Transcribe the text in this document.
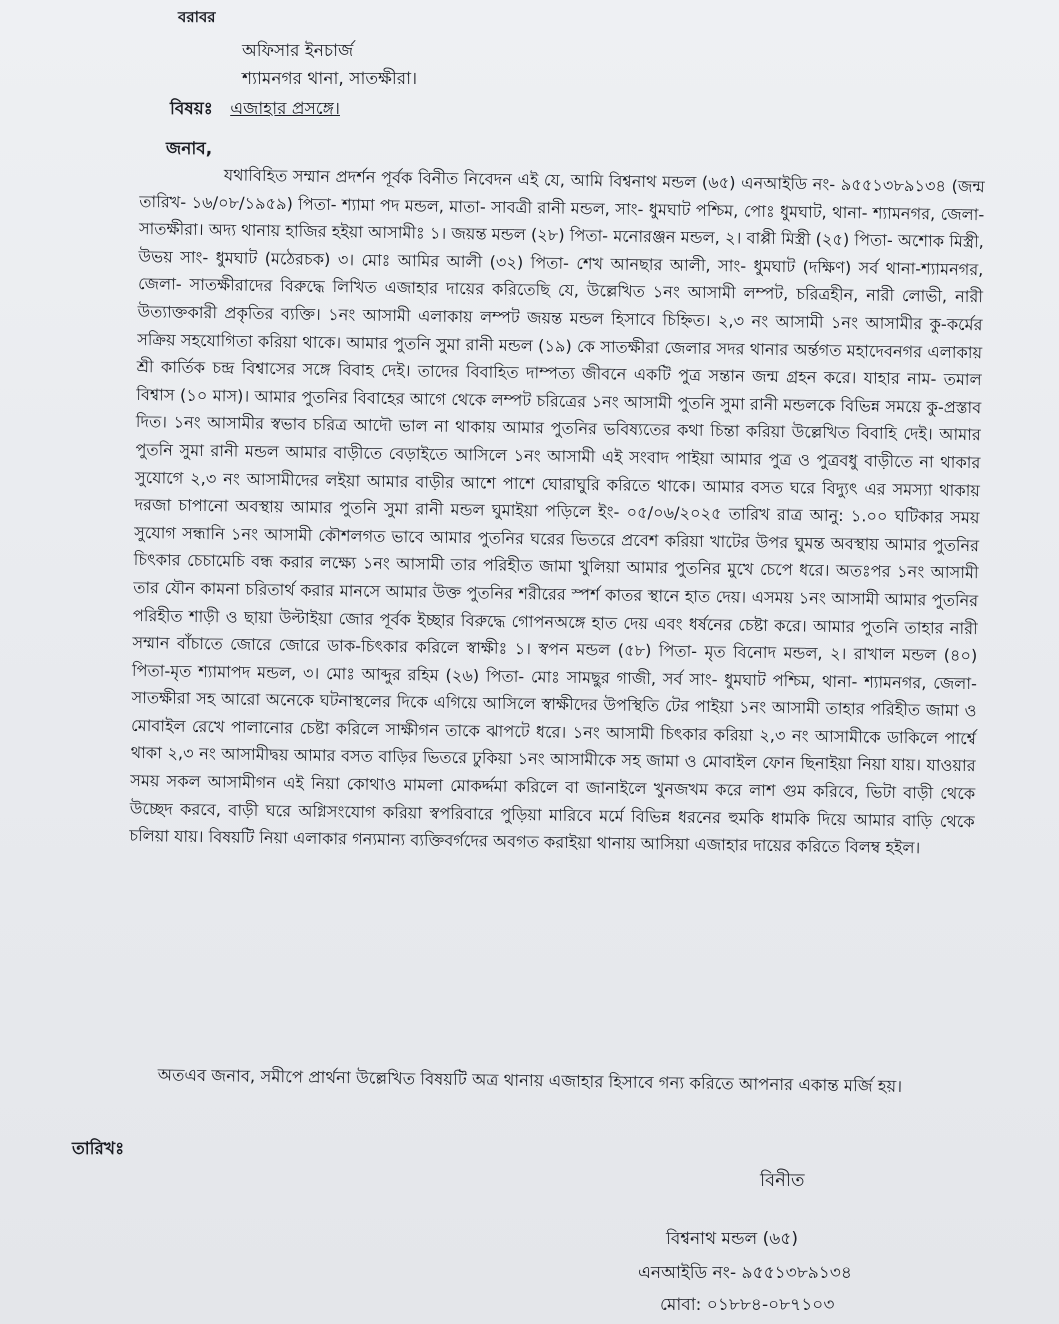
বরাবর
অফিসার ইনচার্জ
শ্যামনগর থানা, সাতক্ষীরা।
বিষয়ঃ এজাহার প্রসঙ্গে।
জনাব,

যথাবিহিত সম্মান প্রদর্শন পূর্বক বিনীত নিবেদন এই যে, আমি বিশ্বনাথ মন্ডল (৬৫) এনআইডি নং- ৯৫৫১৩৮৯১৩৪ (জন্ম তারিখ- ১৬/০৮/১৯৫৯) পিতা- শ্যামা পদ মন্ডল, মাতা- সাবত্রী রানী মন্ডল, সাং- ধুমঘাট পশ্চিম, পোঃ ধুমঘাট, থানা- শ্যামনগর, জেলা- সাতক্ষীরা। অদ্য থানায় হাজির হইয়া আসামীঃ ১। জয়ন্ত মন্ডল (২৮) পিতা- মনোরঞ্জন মন্ডল, ২। বাপ্পী মিস্ত্রী (২৫) পিতা- অশোক মিস্ত্রী, উভয় সাং- ধুমঘাট (মঠেরচক) ৩। মোঃ আমির আলী (৩২) পিতা- শেখ আনছার আলী, সাং- ধুমঘাট (দক্ষিণ) সর্ব থানা-শ্যামনগর, জেলা- সাতক্ষীরাদের বিরুদ্ধে লিখিত এজাহার দায়ের করিতেছি যে, উল্লেখিত ১নং আসামী লম্পট, চরিত্রহীন, নারী লোভী, নারী উত্যাক্তকারী প্রকৃতির ব্যক্তি। ১নং আসামী এলাকায় লম্পট জয়ন্ত মন্ডল হিসাবে চিহ্নিত। ২,৩ নং আসামী ১নং আসামীর কু-কর্মের সক্রিয় সহযোগিতা করিয়া থাকে। আমার পুতনি সুমা রানী মন্ডল (১৯) কে সাতক্ষীরা জেলার সদর থানার অর্ন্তগত মহাদেবনগর এলাকায় শ্রী কার্তিক চন্দ্র বিশ্বাসের সঙ্গে বিবাহ দেই। তাদের বিবাহিত দাম্পত্য জীবনে একটি পুত্র সন্তান জন্ম গ্রহন করে। যাহার নাম- তমাল বিশ্বাস (১০ মাস)। আমার পুতনির বিবাহের আগে থেকে লম্পট চরিত্রের ১নং আসামী পুতনি সুমা রানী মন্ডলকে বিভিন্ন সময়ে কু-প্রস্তাব দিত। ১নং আসামীর স্বভাব চরিত্র আদৌ ভাল না থাকায় আমার পুতনির ভবিষ্যতের কথা চিন্তা করিয়া উল্লেখিত বিবাহি দেই। আমার পুতনি সুমা রানী মন্ডল আমার বাড়ীতে বেড়াইতে আসিলে ১নং আসামী এই সংবাদ পাইয়া আমার পুত্র ও পুত্রবধু বাড়ীতে না থাকার সুযোগে ২,৩ নং আসামীদের লইয়া আমার বাড়ীর আশে পাশে ঘোরাঘুরি করিতে থাকে। আমার বসত ঘরে বিদ্যুৎ এর সমস্যা থাকায় দরজা চাপানো অবস্থায় আমার পুতনি সুমা রানী মন্ডল ঘুমাইয়া পড়িলে ইং- ০৫/০৬/২০২৫ তারিখ রাত্র আনু: ১.০০ ঘটিকার সময় সুযোগ সন্ধানি ১নং আসামী কৌশলগত ভাবে আমার পুতনির ঘরের ভিতরে প্রবেশ করিয়া খাটের উপর ঘুমন্ত অবস্থায় আমার পুতনির চিৎকার চেচামেচি বন্ধ করার লক্ষ্যে ১নং আসামী তার পরিহীত জামা খুলিয়া আমার পুতনির মুখে চেপে ধরে। অতঃপর ১নং আসামী তার যৌন কামনা চরিতার্থ করার মানসে আমার উক্ত পুতনির শরীরের স্পর্শ কাতর স্থানে হাত দেয়। এসময় ১নং আসামী আমার পুতনির পরিহীত শাড়ী ও ছায়া উল্টাইয়া জোর পূর্বক ইচ্ছার বিরুদ্ধে গোপনঅঙ্গে হাত দেয় এবং ধর্ষনের চেষ্টা করে। আমার পুতনি তাহার নারী সম্মান বাঁচাতে জোরে জোরে ডাক-চিৎকার করিলে স্বাক্ষীঃ ১। স্বপন মন্ডল (৫৮) পিতা- মৃত বিনোদ মন্ডল, ২। রাখাল মন্ডল (৪০) পিতা-মৃত শ্যামাপদ মন্ডল, ৩। মোঃ আব্দুর রহিম (২৬) পিতা- মোঃ সামছুর গাজী, সর্ব সাং- ধুমঘাট পশ্চিম, থানা- শ্যামনগর, জেলা- সাতক্ষীরা সহ আরো অনেকে ঘটনাস্থলের দিকে এগিয়ে আসিলে স্বাক্ষীদের উপস্থিতি টের পাইয়া ১নং আসামী তাহার পরিহীত জামা ও মোবাইল রেখে পালানোর চেষ্টা করিলে সাক্ষীগন তাকে ঝাপটে ধরে। ১নং আসামী চিৎকার করিয়া ২,৩ নং আসামীকে ডাকিলে পার্শ্বে থাকা ২,৩ নং আসামীদ্বয় আমার বসত বাড়ির ভিতরে ঢুকিয়া ১নং আসামীকে সহ জামা ও মোবাইল ফোন ছিনাইয়া নিয়া যায়। যাওয়ার সময় সকল আসামীগন এই নিয়া কোথাও মামলা মোকর্দ্দমা করিলে বা জানাইলে খুনজখম করে লাশ গুম করিবে, ভিটা বাড়ী থেকে উচ্ছেদ করবে, বাড়ী ঘরে অগ্নিসংযোগ করিয়া স্বপরিবারে পুড়িয়া মারিবে মর্মে বিভিন্ন ধরনের হুমকি ধামকি দিয়ে আমার বাড়ি থেকে চলিয়া যায়। বিষয়টি নিয়া এলাকার গন্যমান্য ব্যক্তিবর্গদের অবগত করাইয়া থানায় আসিয়া এজাহার দায়ের করিতে বিলম্ব হইল।

অতএব জনাব, সমীপে প্রার্থনা উল্লেখিত বিষয়টি অত্র থানায় এজাহার হিসাবে গন্য করিতে আপনার একান্ত মর্জি হয়।

তারিখঃ
বিনীত
বিশ্বনাথ মন্ডল (৬৫)
এনআইডি নং- ৯৫৫১৩৮৯১৩৪
মোবা: ০১৮৮৪-০৮৭১০৩
